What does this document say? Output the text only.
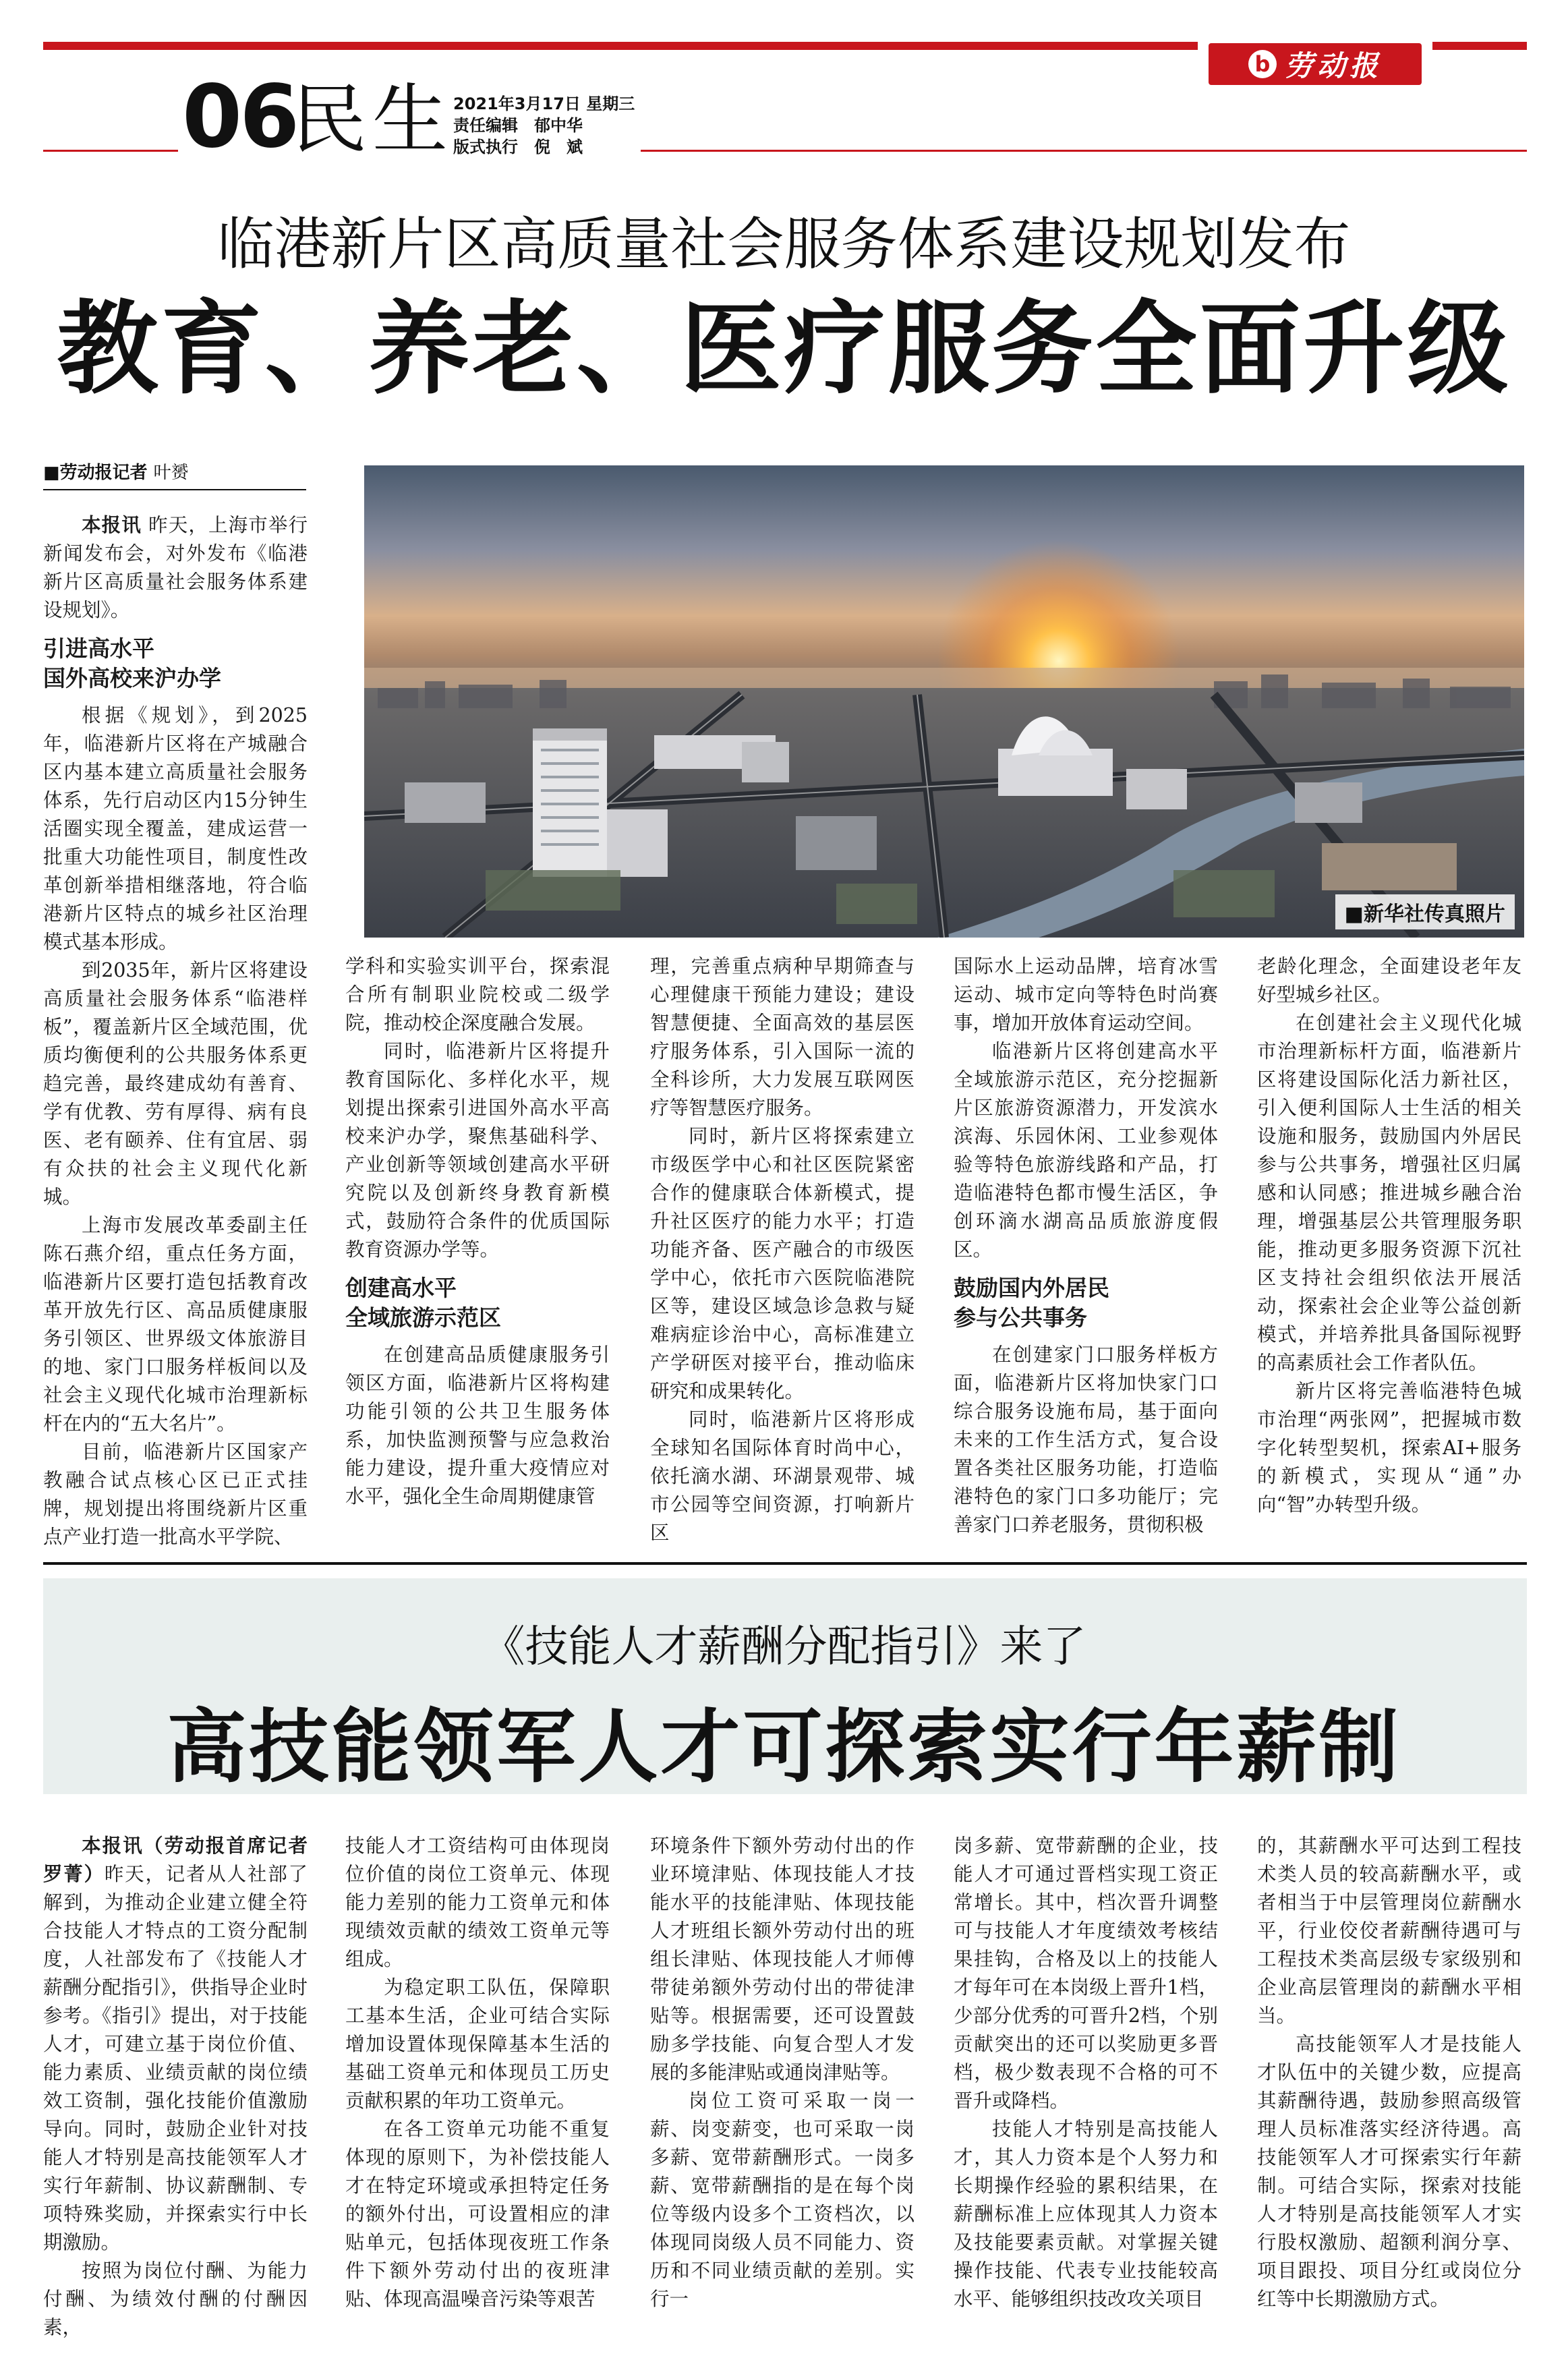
b 劳动报
06
民生 2021年3月17日 星期三
责任编辑　郁中华
版式执行　倪　斌
临港新片区高质量社会服务体系建设规划发布
教育、养老、医疗服务全面升级
■劳动报记者 叶赟
■新华社传真照片

本报讯 昨天，上海市举行新闻发布会，对外发布《临港新片区高质量社会服务体系建设规划》。

引进高水平
国外高校来沪办学

根据《规划》，到2025年，临港新片区将在产城融合区内基本建立高质量社会服务体系，先行启动区内15分钟生活圈实现全覆盖，建成运营一批重大功能性项目，制度性改革创新举措相继落地，符合临港新片区特点的城乡社区治理模式基本形成。

到2035年，新片区将建设高质量社会服务体系“临港样板”，覆盖新片区全域范围，优质均衡便利的公共服务体系更趋完善，最终建成幼有善育、学有优教、劳有厚得、病有良医、老有颐养、住有宜居、弱有众扶的社会主义现代化新城。

上海市发展改革委副主任陈石燕介绍，重点任务方面，临港新片区要打造包括教育改革开放先行区、高品质健康服务引领区、世界级文体旅游目的地、家门口服务样板间以及社会主义现代化城市治理新标杆在内的“五大名片”。

目前，临港新片区国家产教融合试点核心区已正式挂牌，规划提出将围绕新片区重点产业打造一批高水平学院、

学科和实验实训平台，探索混合所有制职业院校或二级学院，推动校企深度融合发展。

同时，临港新片区将提升教育国际化、多样化水平，规划提出探索引进国外高水平高校来沪办学，聚焦基础科学、产业创新等领域创建高水平研究院以及创新终身教育新模式，鼓励符合条件的优质国际教育资源办学等。

创建高水平
全域旅游示范区

在创建高品质健康服务引领区方面，临港新片区将构建功能引领的公共卫生服务体系，加快监测预警与应急救治能力建设，提升重大疫情应对水平，强化全生命周期健康管

理，完善重点病种早期筛查与心理健康干预能力建设；建设智慧便捷、全面高效的基层医疗服务体系，引入国际一流的全科诊所，大力发展互联网医疗等智慧医疗服务。

同时，新片区将探索建立市级医学中心和社区医院紧密合作的健康联合体新模式，提升社区医疗的能力水平；打造功能齐备、医产融合的市级医学中心，依托市六医院临港院区等，建设区域急诊急救与疑难病症诊治中心，高标准建立产学研医对接平台，推动临床研究和成果转化。

同时，临港新片区将形成全球知名国际体育时尚中心，依托滴水湖、环湖景观带、城市公园等空间资源，打响新片区

国际水上运动品牌，培育冰雪运动、城市定向等特色时尚赛事，增加开放体育运动空间。

临港新片区将创建高水平全域旅游示范区，充分挖掘新片区旅游资源潜力，开发滨水滨海、乐园休闲、工业参观体验等特色旅游线路和产品，打造临港特色都市慢生活区，争创环滴水湖高品质旅游度假区。

鼓励国内外居民
参与公共事务

在创建家门口服务样板方面，临港新片区将加快家门口综合服务设施布局，基于面向未来的工作生活方式，复合设置各类社区服务功能，打造临港特色的家门口多功能厅；完善家门口养老服务，贯彻积极

老龄化理念，全面建设老年友好型城乡社区。

在创建社会主义现代化城市治理新标杆方面，临港新片区将建设国际化活力新社区，引入便利国际人士生活的相关设施和服务，鼓励国内外居民参与公共事务，增强社区归属感和认同感；推进城乡融合治理，增强基层公共管理服务职能，推动更多服务资源下沉社区支持社会组织依法开展活动，探索社会企业等公益创新模式，并培养批具备国际视野的高素质社会工作者队伍。

新片区将完善临港特色城市治理“两张网”，把握城市数字化转型契机，探索AI+服务的新模式，实现从“通”办向“智”办转型升级。

《技能人才薪酬分配指引》来了
高技能领军人才可探索实行年薪制

本报讯（劳动报首席记者 罗菁）昨天，记者从人社部了解到，为推动企业建立健全符合技能人才特点的工资分配制度，人社部发布了《技能人才薪酬分配指引》，供指导企业时参考。《指引》提出，对于技能人才，可建立基于岗位价值、能力素质、业绩贡献的岗位绩效工资制，强化技能价值激励导向。同时，鼓励企业针对技能人才特别是高技能领军人才实行年薪制、协议薪酬制、专项特殊奖励，并探索实行中长期激励。

按照为岗位付酬、为能力付酬、为绩效付酬的付酬因素，

技能人才工资结构可由体现岗位价值的岗位工资单元、体现能力差别的能力工资单元和体现绩效贡献的绩效工资单元等组成。

为稳定职工队伍，保障职工基本生活，企业可结合实际增加设置体现保障基本生活的基础工资单元和体现员工历史贡献积累的年功工资单元。

在各工资单元功能不重复体现的原则下，为补偿技能人才在特定环境或承担特定任务的额外付出，可设置相应的津贴单元，包括体现夜班工作条件下额外劳动付出的夜班津贴、体现高温噪音污染等艰苦

环境条件下额外劳动付出的作业环境津贴、体现技能人才技能水平的技能津贴、体现技能人才班组长额外劳动付出的班组长津贴、体现技能人才师傅带徒弟额外劳动付出的带徒津贴等。根据需要，还可设置鼓励多学技能、向复合型人才发展的多能津贴或通岗津贴等。

岗位工资可采取一岗一薪、岗变薪变，也可采取一岗多薪、宽带薪酬形式。一岗多薪、宽带薪酬指的是在每个岗位等级内设多个工资档次，以体现同岗级人员不同能力、资历和不同业绩贡献的差别。实行一

岗多薪、宽带薪酬的企业，技能人才可通过晋档实现工资正常增长。其中，档次晋升调整可与技能人才年度绩效考核结果挂钩，合格及以上的技能人才每年可在本岗级上晋升1档，少部分优秀的可晋升2档，个别贡献突出的还可以奖励更多晋档，极少数表现不合格的可不晋升或降档。

技能人才特别是高技能人才，其人力资本是个人努力和长期操作经验的累积结果，在薪酬标准上应体现其人力资本及技能要素贡献。对掌握关键操作技能、代表专业技能较高水平、能够组织技改攻关项目

的，其薪酬水平可达到工程技术类人员的较高薪酬水平，或者相当于中层管理岗位薪酬水平，行业佼佼者薪酬待遇可与工程技术类高层级专家级别和企业高层管理岗的薪酬水平相当。

高技能领军人才是技能人才队伍中的关键少数，应提高其薪酬待遇，鼓励参照高级管理人员标准落实经济待遇。高技能领军人才可探索实行年薪制。可结合实际，探索对技能人才特别是高技能领军人才实行股权激励、超额利润分享、项目跟投、项目分红或岗位分红等中长期激励方式。
